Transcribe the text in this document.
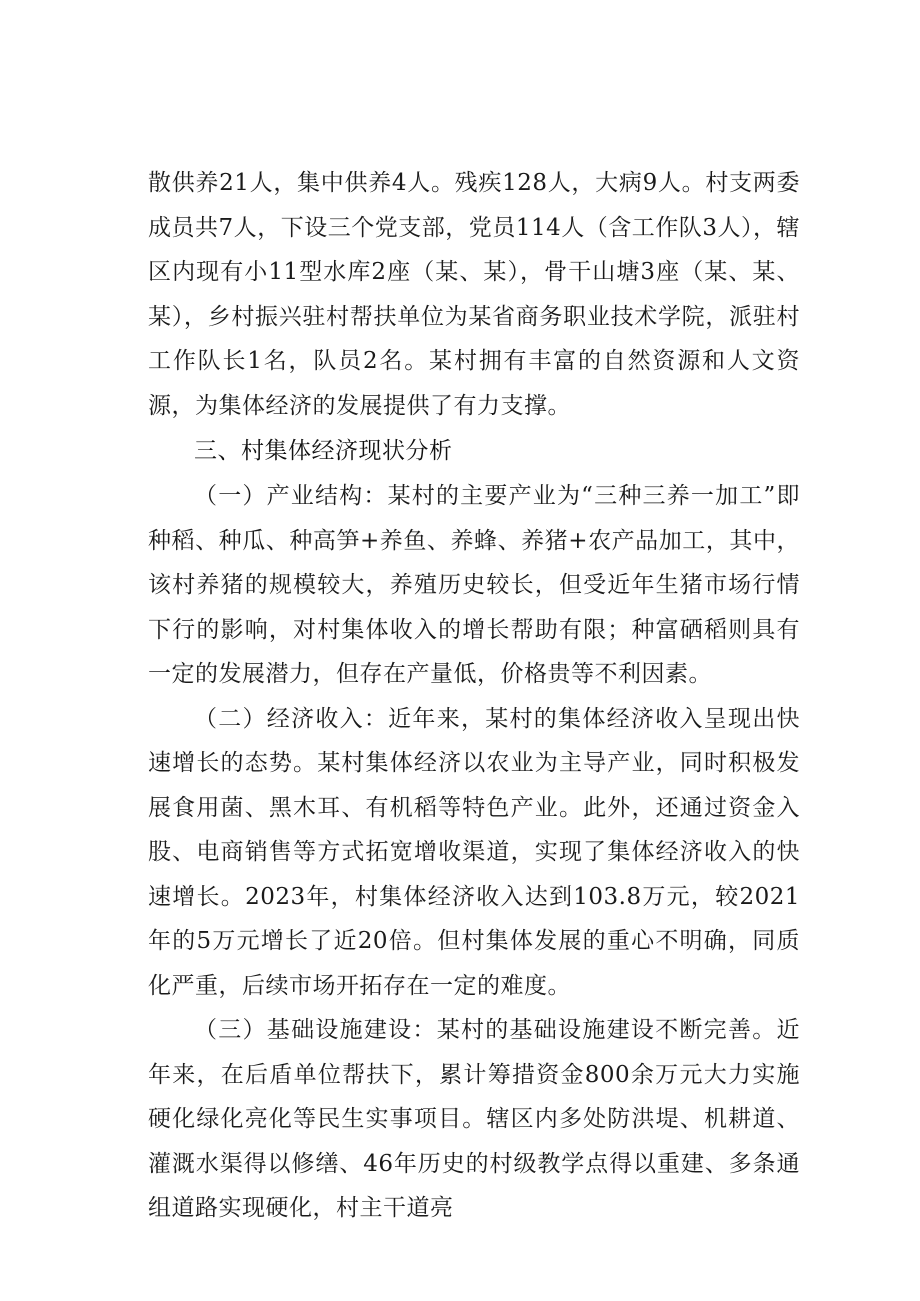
散供养21人，集中供养4人。残疾128人，大病9人。村支两委成员共7人，下设三个党支部，党员114人（含工作队3人），辖区内现有小11型水库2座（某、某），骨干山塘3座（某、某、某），乡村振兴驻村帮扶单位为某省商务职业技术学院，派驻村工作队长1名，队员2名。某村拥有丰富的自然资源和人文资源，为集体经济的发展提供了有力支撑。

三、村集体经济现状分析

（一）产业结构：某村的主要产业为“三种三养一加工”即种稻、种瓜、种高笋+养鱼、养蜂、养猪+农产品加工，其中，该村养猪的规模较大，养殖历史较长，但受近年生猪市场行情下行的影响，对村集体收入的增长帮助有限；种富硒稻则具有一定的发展潜力，但存在产量低，价格贵等不利因素。

（二）经济收入：近年来，某村的集体经济收入呈现出快速增长的态势。某村集体经济以农业为主导产业，同时积极发展食用菌、黑木耳、有机稻等特色产业。此外，还通过资金入股、电商销售等方式拓宽增收渠道，实现了集体经济收入的快速增长。2023年，村集体经济收入达到103.8万元，较2021年的5万元增长了近20倍。但村集体发展的重心不明确，同质化严重，后续市场开拓存在一定的难度。

（三）基础设施建设：某村的基础设施建设不断完善。近年来，在后盾单位帮扶下，累计筹措资金800余万元大力实施硬化绿化亮化等民生实事项目。辖区内多处防洪堤、机耕道、灌溉水渠得以修缮、46年历史的村级教学点得以重建、多条通组道路实现硬化，村主干道亮
